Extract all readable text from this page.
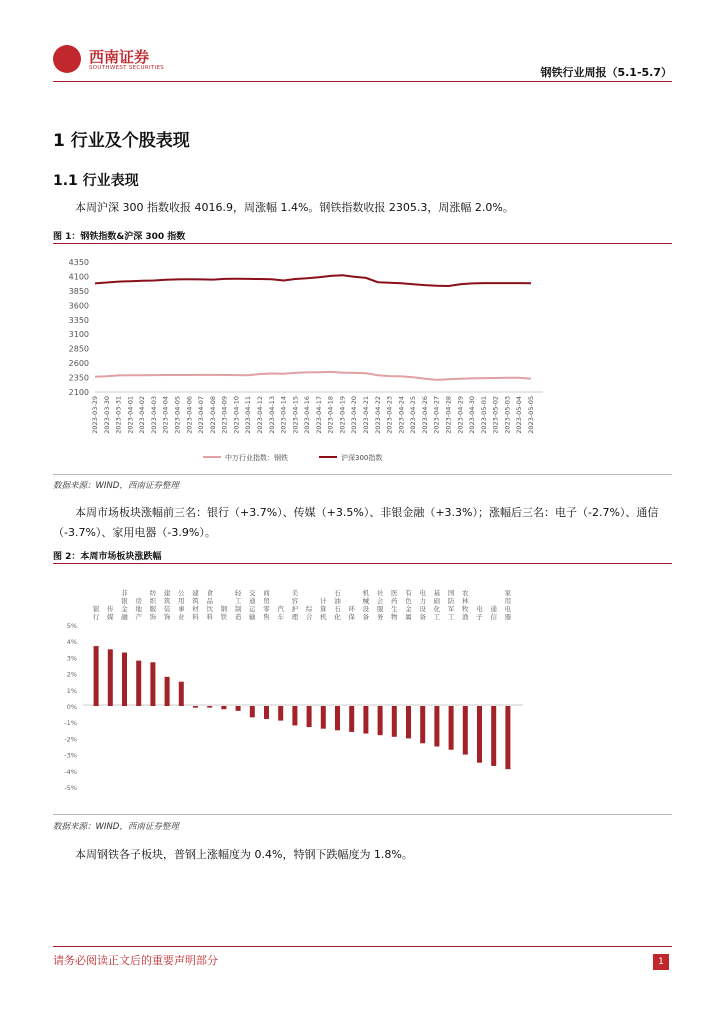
西南证券
SOUTHWEST SECURITIES	钢铁行业周报（5.1-5.7）
1 行业及个股表现
1.1 行业表现
本周沪深 300 指数收报 4016.9，周涨幅 1.4%。钢铁指数收报 2305.3，周涨幅 2.0%。
图 1：钢铁指数&沪深 300 指数
4350
4100
3850
3600
3350
3100
2850
2600
2350
2100
2023-03-29 2023-03-30 2023-03-31 2023-04-01 2023-04-02 2023-04-03 2023-04-04 2023-04-05 2023-04-06 2023-04-07 2023-04-08 2023-04-09 2023-04-10 2023-04-11 2023-04-12 2023-04-13 2023-04-14 2023-04-15 2023-04-16 2023-04-17 2023-04-18 2023-04-19 2023-04-20 2023-04-21 2023-04-22 2023-04-23 2023-04-24 2023-04-25 2023-04-26 2023-04-27 2023-04-28 2023-04-29 2023-04-30 2023-05-01 2023-05-02 2023-05-03 2023-05-04 2023-05-05
中万行业指数：钢铁	沪深300指数
数据来源：WIND，西南证券整理
本周市场板块涨幅前三名：银行（+3.7%）、传媒（+3.5%）、非银金融（+3.3%）；涨幅后三名：电子（-2.7%）、通信（-3.7%）、家用电器（-3.9%）。
图 2：本周市场板块涨跌幅
银行
传媒
非银金融
房地产
纺织服饰
建筑装饰
公用事业
建筑材料
食品饮料
钢铁
轻工制造
交通运输
商贸零售
汽车
美容护理
综合
计算机
石油石化
环保
机械设备
社会服务
医药生物
有色金属
电力设备
基础化工
国防军工
农林牧渔
电子
通信
家用电器
5%
4%
3%
2%
1%
0%
-1%
-2%
-3%
-4%
-5%
数据来源：WIND，西南证券整理
本周钢铁各子板块，普钢上涨幅度为 0.4%，特钢下跌幅度为 1.8%。
请务必阅读正文后的重要声明部分	1
